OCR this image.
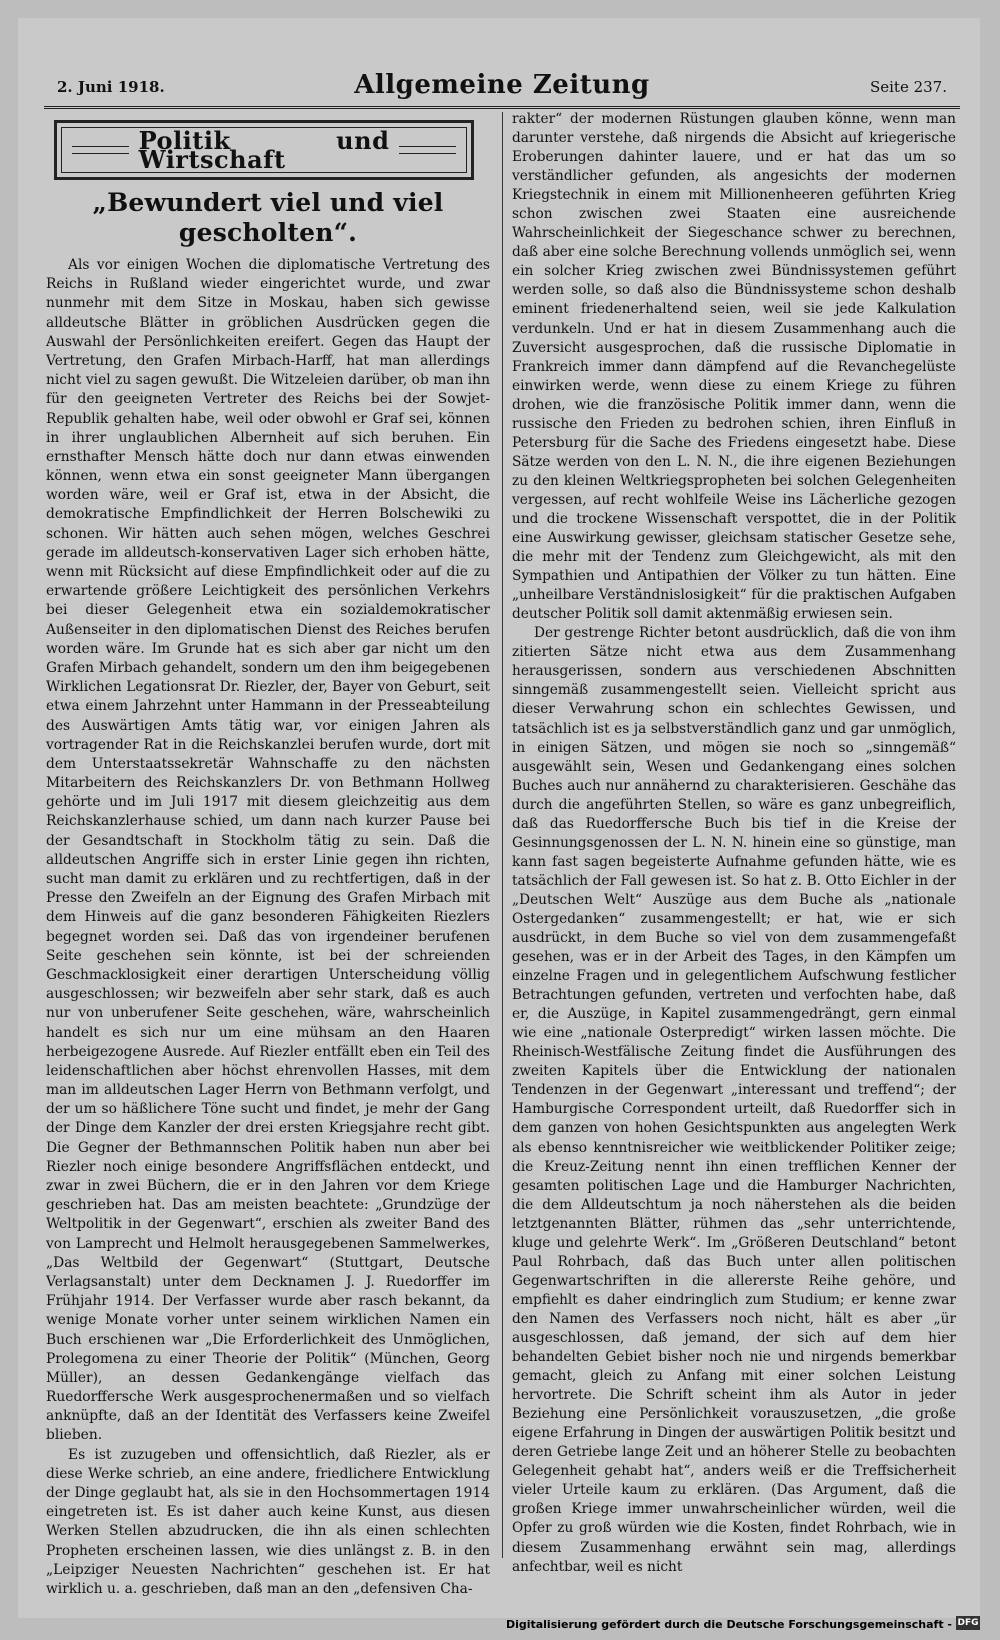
2. Juni 1918.	Allgemeine Zeitung	Seite 237.
Politik und Wirtschaft
„Bewundert viel und viel gescholten“.

Als vor einigen Wochen die diplomatische Vertretung des Reichs in Rußland wieder eingerichtet wurde, und zwar nunmehr mit dem Sitze in Moskau, haben sich gewisse alldeutsche Blätter in gröblichen Ausdrücken gegen die Auswahl der Persönlichkeiten ereifert. Gegen das Haupt der Vertretung, den Grafen Mirbach-Harff, hat man allerdings nicht viel zu sagen gewußt. Die Witzeleien darüber, ob man ihn für den geeigneten Vertreter des Reichs bei der Sowjet-Republik gehalten habe, weil oder obwohl er Graf sei, können in ihrer unglaublichen Albernheit auf sich beruhen. Ein ernsthafter Mensch hätte doch nur dann etwas einwenden können, wenn etwa ein sonst geeigneter Mann übergangen worden wäre, weil er Graf ist, etwa in der Absicht, die demokratische Empfindlichkeit der Herren Bolschewiki zu schonen. Wir hätten auch sehen mögen, welches Geschrei gerade im alldeutsch-konservativen Lager sich erhoben hätte, wenn mit Rücksicht auf diese Empfindlichkeit oder auf die zu erwartende größere Leichtigkeit des persönlichen Verkehrs bei dieser Gelegenheit etwa ein sozialdemokratischer Außenseiter in den diplomatischen Dienst des Reiches berufen worden wäre. Im Grunde hat es sich aber gar nicht um den Grafen Mirbach gehandelt, sondern um den ihm beigegebenen Wirklichen Legationsrat Dr. Riezler, der, Bayer von Geburt, seit etwa einem Jahrzehnt unter Hammann in der Presseabteilung des Auswärtigen Amts tätig war, vor einigen Jahren als vortragender Rat in die Reichskanzlei berufen wurde, dort mit dem Unterstaatssekretär Wahnschaffe zu den nächsten Mitarbeitern des Reichskanzlers Dr. von Bethmann Hollweg gehörte und im Juli 1917 mit diesem gleichzeitig aus dem Reichskanzlerhause schied, um dann nach kurzer Pause bei der Gesandtschaft in Stockholm tätig zu sein. Daß die alldeutschen Angriffe sich in erster Linie gegen ihn richten, sucht man damit zu erklären und zu rechtfertigen, daß in der Presse den Zweifeln an der Eignung des Grafen Mirbach mit dem Hinweis auf die ganz besonderen Fähigkeiten Riezlers begegnet worden sei. Daß das von irgendeiner berufenen Seite geschehen sein könnte, ist bei der schreienden Geschmacklosigkeit einer derartigen Unterscheidung völlig ausgeschlossen; wir bezweifeln aber sehr stark, daß es auch nur von unberufener Seite geschehen, wäre, wahrscheinlich handelt es sich nur um eine mühsam an den Haaren herbeigezogene Ausrede. Auf Riezler entfällt eben ein Teil des leidenschaftlichen aber höchst ehrenvollen Hasses, mit dem man im alldeutschen Lager Herrn von Bethmann verfolgt, und der um so häßlichere Töne sucht und findet, je mehr der Gang der Dinge dem Kanzler der drei ersten Kriegsjahre recht gibt. Die Gegner der Bethmannschen Politik haben nun aber bei Riezler noch einige besondere Angriffsflächen entdeckt, und zwar in zwei Büchern, die er in den Jahren vor dem Kriege geschrieben hat. Das am meisten beachtete: „Grundzüge der Weltpolitik in der Gegenwart“, erschien als zweiter Band des von Lamprecht und Helmolt herausgegebenen Sammelwerkes, „Das Weltbild der Gegenwart“ (Stuttgart, Deutsche Verlagsanstalt) unter dem Decknamen J. J. Ruedorffer im Frühjahr 1914. Der Verfasser wurde aber rasch bekannt, da wenige Monate vorher unter seinem wirklichen Namen ein Buch erschienen war „Die Erforderlichkeit des Unmöglichen, Prolegomena zu einer Theorie der Politik“ (München, Georg Müller), an dessen Gedankengänge vielfach das Ruedorffersche Werk ausgesprochenermaßen und so vielfach anknüpfte, daß an der Identität des Verfassers keine Zweifel blieben.

Es ist zuzugeben und offensichtlich, daß Riezler, als er diese Werke schrieb, an eine andere, friedlichere Entwicklung der Dinge geglaubt hat, als sie in den Hochsommertagen 1914 eingetreten ist. Es ist daher auch keine Kunst, aus diesen Werken Stellen abzudrucken, die ihn als einen schlechten Propheten erscheinen lassen, wie dies unlängst z. B. in den „Leipziger Neuesten Nachrichten“ geschehen ist. Er hat wirklich u. a. geschrieben, daß man an den „defensiven Cha-

rakter“ der modernen Rüstungen glauben könne, wenn man darunter verstehe, daß nirgends die Absicht auf kriegerische Eroberungen dahinter lauere, und er hat das um so verständlicher gefunden, als angesichts der modernen Kriegstechnik in einem mit Millionenheeren geführten Krieg schon zwischen zwei Staaten eine ausreichende Wahrscheinlichkeit der Siegeschance schwer zu berechnen, daß aber eine solche Berechnung vollends unmöglich sei, wenn ein solcher Krieg zwischen zwei Bündnissystemen geführt werden solle, so daß also die Bündnissysteme schon deshalb eminent friedenerhaltend seien, weil sie jede Kalkulation verdunkeln. Und er hat in diesem Zusammenhang auch die Zuversicht ausgesprochen, daß die russische Diplomatie in Frankreich immer dann dämpfend auf die Revanchegelüste einwirken werde, wenn diese zu einem Kriege zu führen drohen, wie die französische Politik immer dann, wenn die russische den Frieden zu bedrohen schien, ihren Einfluß in Petersburg für die Sache des Friedens eingesetzt habe. Diese Sätze werden von den L. N. N., die ihre eigenen Beziehungen zu den kleinen Weltkriegspropheten bei solchen Gelegenheiten vergessen, auf recht wohlfeile Weise ins Lächerliche gezogen und die trockene Wissenschaft verspottet, die in der Politik eine Auswirkung gewisser, gleichsam statischer Gesetze sehe, die mehr mit der Tendenz zum Gleichgewicht, als mit den Sympathien und Antipathien der Völker zu tun hätten. Eine „unheilbare Verständnislosigkeit“ für die praktischen Aufgaben deutscher Politik soll damit aktenmäßig erwiesen sein.

Der gestrenge Richter betont ausdrücklich, daß die von ihm zitierten Sätze nicht etwa aus dem Zusammenhang herausgerissen, sondern aus verschiedenen Abschnitten sinngemäß zusammengestellt seien. Vielleicht spricht aus dieser Verwahrung schon ein schlechtes Gewissen, und tatsächlich ist es ja selbstverständlich ganz und gar unmöglich, in einigen Sätzen, und mögen sie noch so „sinngemäß“ ausgewählt sein, Wesen und Gedankengang eines solchen Buches auch nur annähernd zu charakterisieren. Geschähe das durch die angeführten Stellen, so wäre es ganz unbegreiflich, daß das Ruedorffersche Buch bis tief in die Kreise der Gesinnungsgenossen der L. N. N. hinein eine so günstige, man kann fast sagen begeisterte Aufnahme gefunden hätte, wie es tatsächlich der Fall gewesen ist. So hat z. B. Otto Eichler in der „Deutschen Welt“ Auszüge aus dem Buche als „nationale Ostergedanken“ zusammengestellt; er hat, wie er sich ausdrückt, in dem Buche so viel von dem zusammengefaßt gesehen, was er in der Arbeit des Tages, in den Kämpfen um einzelne Fragen und in gelegentlichem Aufschwung festlicher Betrachtungen gefunden, vertreten und verfochten habe, daß er, die Auszüge, in Kapitel zusammengedrängt, gern einmal wie eine „nationale Osterpredigt“ wirken lassen möchte. Die Rheinisch-Westfälische Zeitung findet die Ausführungen des zweiten Kapitels über die Entwicklung der nationalen Tendenzen in der Gegenwart „interessant und treffend“; der Hamburgische Correspondent urteilt, daß Ruedorffer sich in dem ganzen von hohen Gesichtspunkten aus angelegten Werk als ebenso kenntnisreicher wie weitblickender Politiker zeige; die Kreuz-Zeitung nennt ihn einen trefflichen Kenner der gesamten politischen Lage und die Hamburger Nachrichten, die dem Alldeutschtum ja noch näherstehen als die beiden letztgenannten Blätter, rühmen das „sehr unterrichtende, kluge und gelehrte Werk“. Im „Größeren Deutschland“ betont Paul Rohrbach, daß das Buch unter allen politischen Gegenwartschriften in die allererste Reihe gehöre, und empfiehlt es daher eindringlich zum Studium; er kenne zwar den Namen des Verfassers noch nicht, hält es aber „ür ausgeschlossen, daß jemand, der sich auf dem hier behandelten Gebiet bisher noch nie und nirgends bemerkbar gemacht, gleich zu Anfang mit einer solchen Leistung hervortrete. Die Schrift scheint ihm als Autor in jeder Beziehung eine Persönlichkeit vorauszusetzen, „die große eigene Erfahrung in Dingen der auswärtigen Politik besitzt und deren Getriebe lange Zeit und an höherer Stelle zu beobachten Gelegenheit gehabt hat“, anders weiß er die Treffsicherheit vieler Urteile kaum zu erklären. (Das Argument, daß die großen Kriege immer unwahrscheinlicher würden, weil die Opfer zu groß würden wie die Kosten, findet Rohrbach, wie in diesem Zusammenhang erwähnt sein mag, allerdings anfechtbar, weil es nicht

Digitalisierung gefördert durch die Deutsche Forschungsgemeinschaft - DFG
